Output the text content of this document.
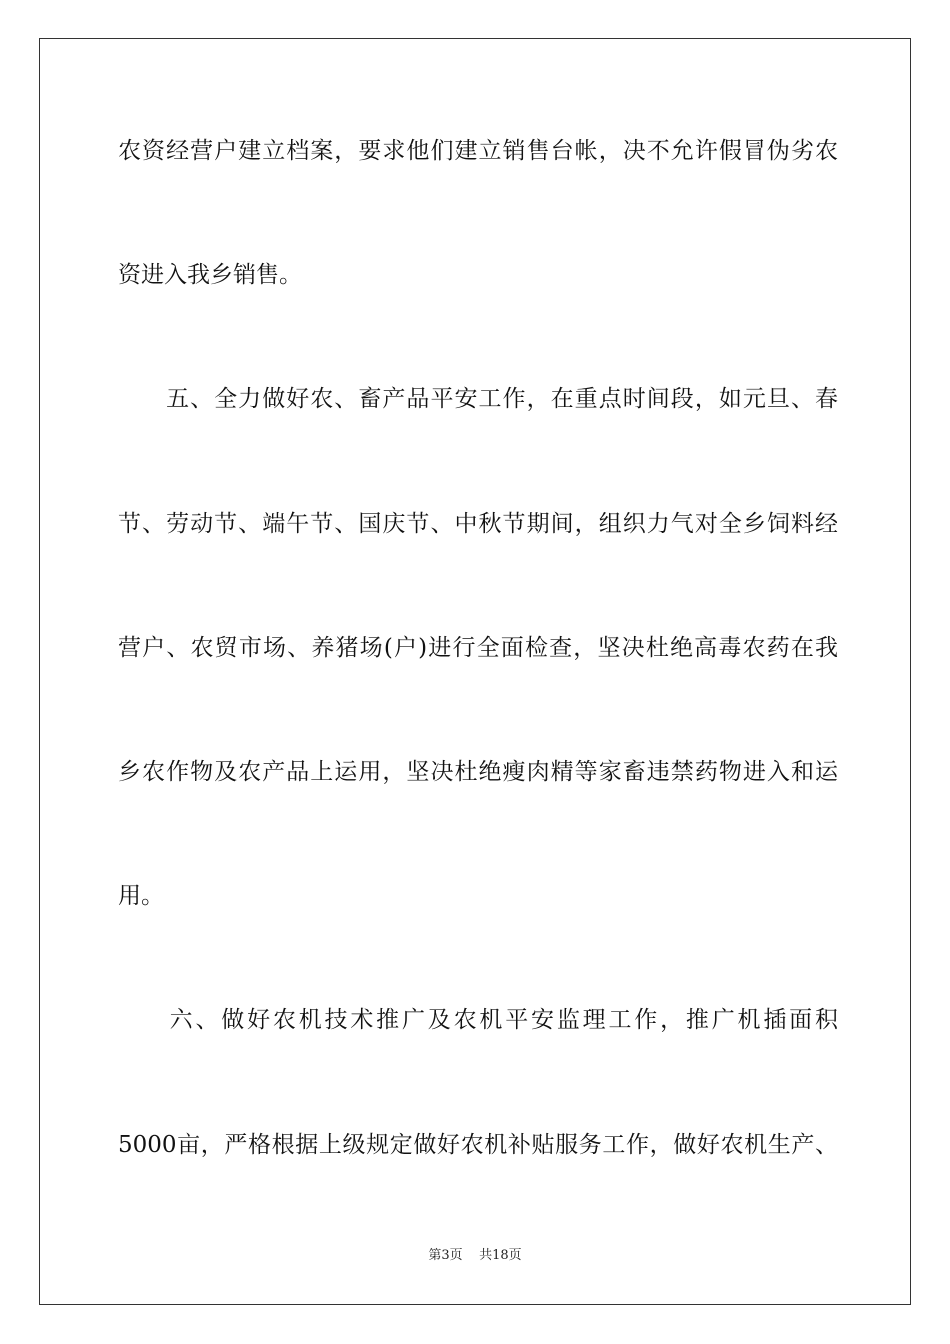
农资经营户建立档案，要求他们建立销售台帐，决不允许假冒伪劣农
资进入我乡销售。
　　五、全力做好农、畜产品平安工作，在重点时间段，如元旦、春
节、劳动节、端午节、国庆节、中秋节期间，组织力气对全乡饲料经
营户、农贸市场、养猪场(户)进行全面检查，坚决杜绝高毒农药在我
乡农作物及农产品上运用，坚决杜绝瘦肉精等家畜违禁药物进入和运
用。
　　六、做好农机技术推广及农机平安监理工作，推广机插面积
5000亩，严格根据上级规定做好农机补贴服务工作，做好农机生产、
第3页 共18页
